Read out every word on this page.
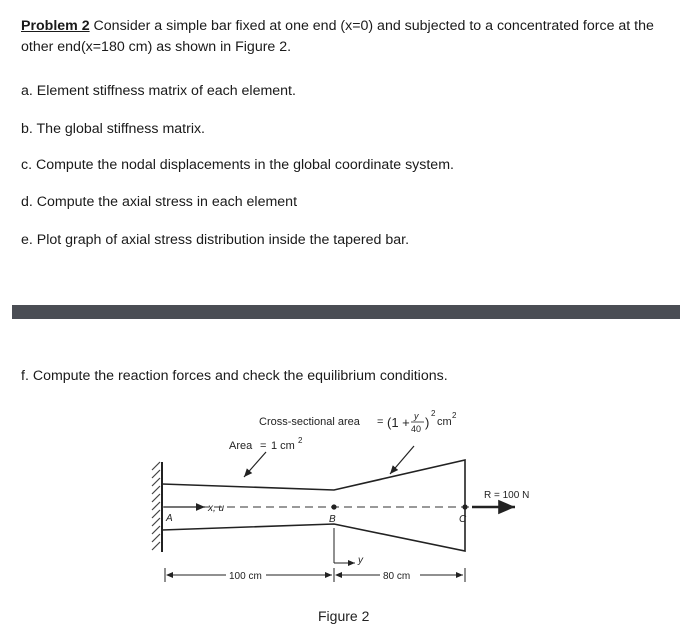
Problem 2 Consider a simple bar fixed at one end (x=0) and subjected to a concentrated force at the other end(x=180 cm) as shown in Figure 2.
a. Element stiffness matrix of each element.
b. The global stiffness matrix.
c. Compute the nodal displacements in the global coordinate system.
d. Compute the axial stress in each element
e. Plot graph of axial stress distribution inside the tapered bar.
f. Compute the reaction forces and check the equilibrium conditions.
x, u
A	B	C
R = 100 N
y
Cross-sectional area = (1 + y
40 )
2
cm
2
Area = 1 cm 2
100 cm	80 cm
Figure 2
